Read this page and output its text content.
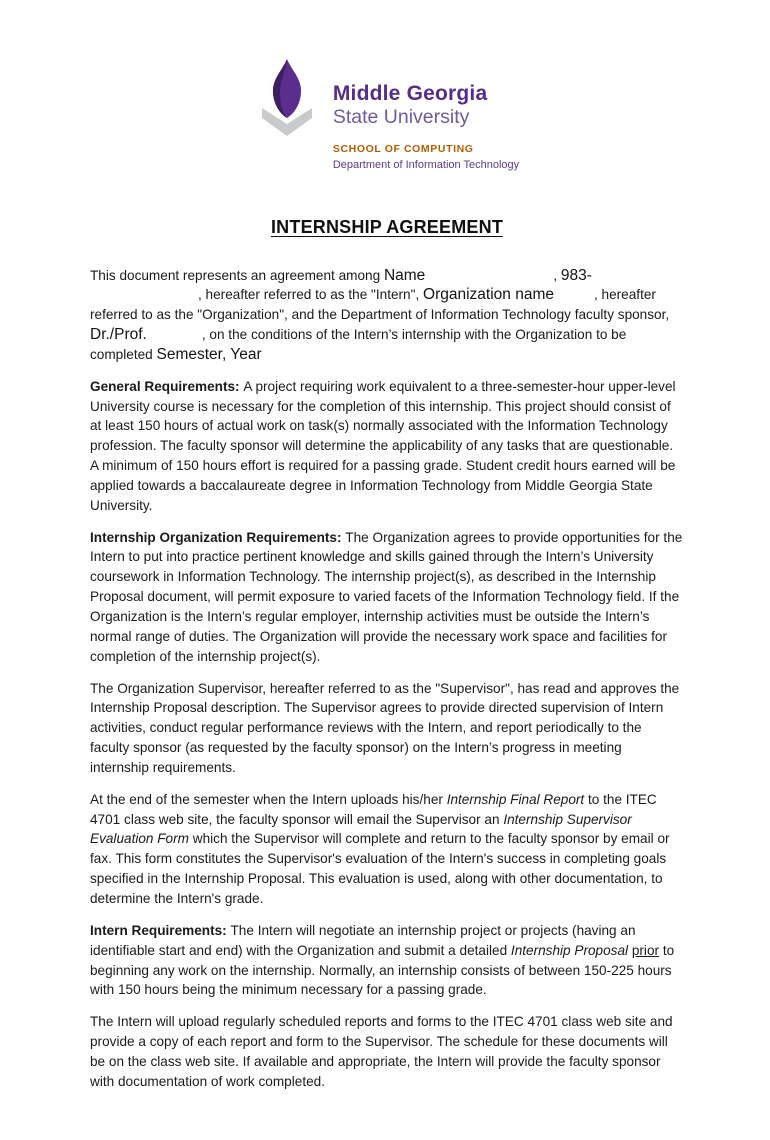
Middle Georgia
State University
SCHOOL OF COMPUTING
Department of Information Technology
INTERNSHIP AGREEMENT

This document represents an agreement among Name	, 983-, hereafter referred to as the "Intern", Organization name	, hereafter referred to as the "Organization", and the Department of Information Technology faculty sponsor, Dr./Prof.	, on the conditions of the Intern’s internship with the Organization to be completed Semester, Year

General Requirements: A project requiring work equivalent to a three-semester-hour upper-level University course is necessary for the completion of this internship. This project should consist of at least 150 hours of actual work on task(s) normally associated with the Information Technology profession. The faculty sponsor will determine the applicability of any tasks that are questionable. A minimum of 150 hours effort is required for a passing grade. Student credit hours earned will be applied towards a baccalaureate degree in Information Technology from Middle Georgia State University.

Internship Organization Requirements: The Organization agrees to provide opportunities for the Intern to put into practice pertinent knowledge and skills gained through the Intern’s University coursework in Information Technology. The internship project(s), as described in the Internship Proposal document, will permit exposure to varied facets of the Information Technology field. If the Organization is the Intern’s regular employer, internship activities must be outside the Intern’s normal range of duties. The Organization will provide the necessary work space and facilities for completion of the internship project(s).

The Organization Supervisor, hereafter referred to as the "Supervisor", has read and approves the Internship Proposal description. The Supervisor agrees to provide directed supervision of Intern activities, conduct regular performance reviews with the Intern, and report periodically to the faculty sponsor (as requested by the faculty sponsor) on the Intern’s progress in meeting internship requirements.

At the end of the semester when the Intern uploads his/her Internship Final Report to the ITEC 4701 class web site, the faculty sponsor will email the Supervisor an Internship Supervisor Evaluation Form which the Supervisor will complete and return to the faculty sponsor by email or fax. This form constitutes the Supervisor's evaluation of the Intern's success in completing goals specified in the Internship Proposal. This evaluation is used, along with other documentation, to determine the Intern's grade.

Intern Requirements: The Intern will negotiate an internship project or projects (having an identifiable start and end) with the Organization and submit a detailed Internship Proposal prior to beginning any work on the internship. Normally, an internship consists of between 150-225 hours with 150 hours being the minimum necessary for a passing grade.

The Intern will upload regularly scheduled reports and forms to the ITEC 4701 class web site and provide a copy of each report and form to the Supervisor. The schedule for these documents will be on the class web site. If available and appropriate, the Intern will provide the faculty sponsor with documentation of work completed.
